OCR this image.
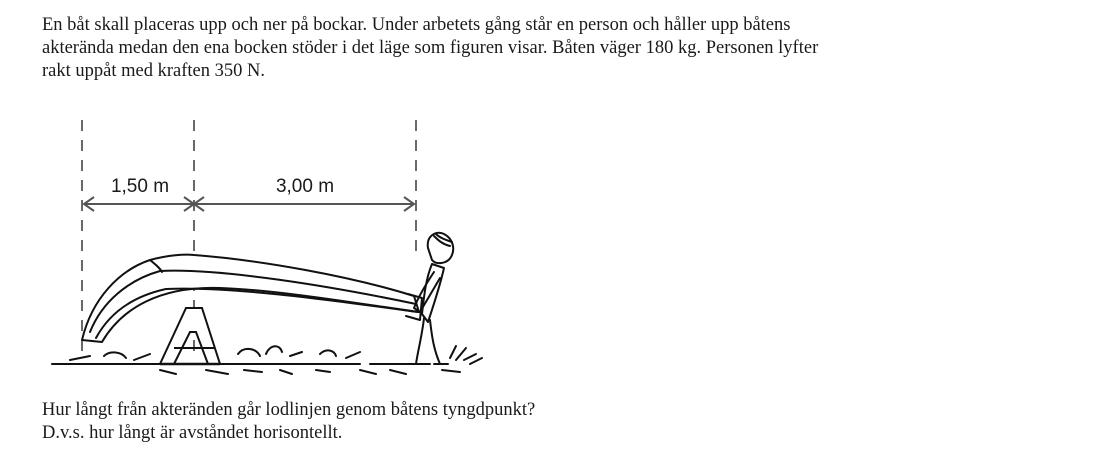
En båt skall placeras upp och ner på bockar. Under arbetets gång står en person och håller upp båtens
akterända medan den ena bocken stöder i det läge som figuren visar. Båten väger 180 kg. Personen lyfter
rakt uppåt med kraften 350 N.
1,50 m	3,00 m
Hur långt från akteränden går lodlinjen genom båtens tyngdpunkt?
D.v.s. hur långt är avståndet horisontellt.
